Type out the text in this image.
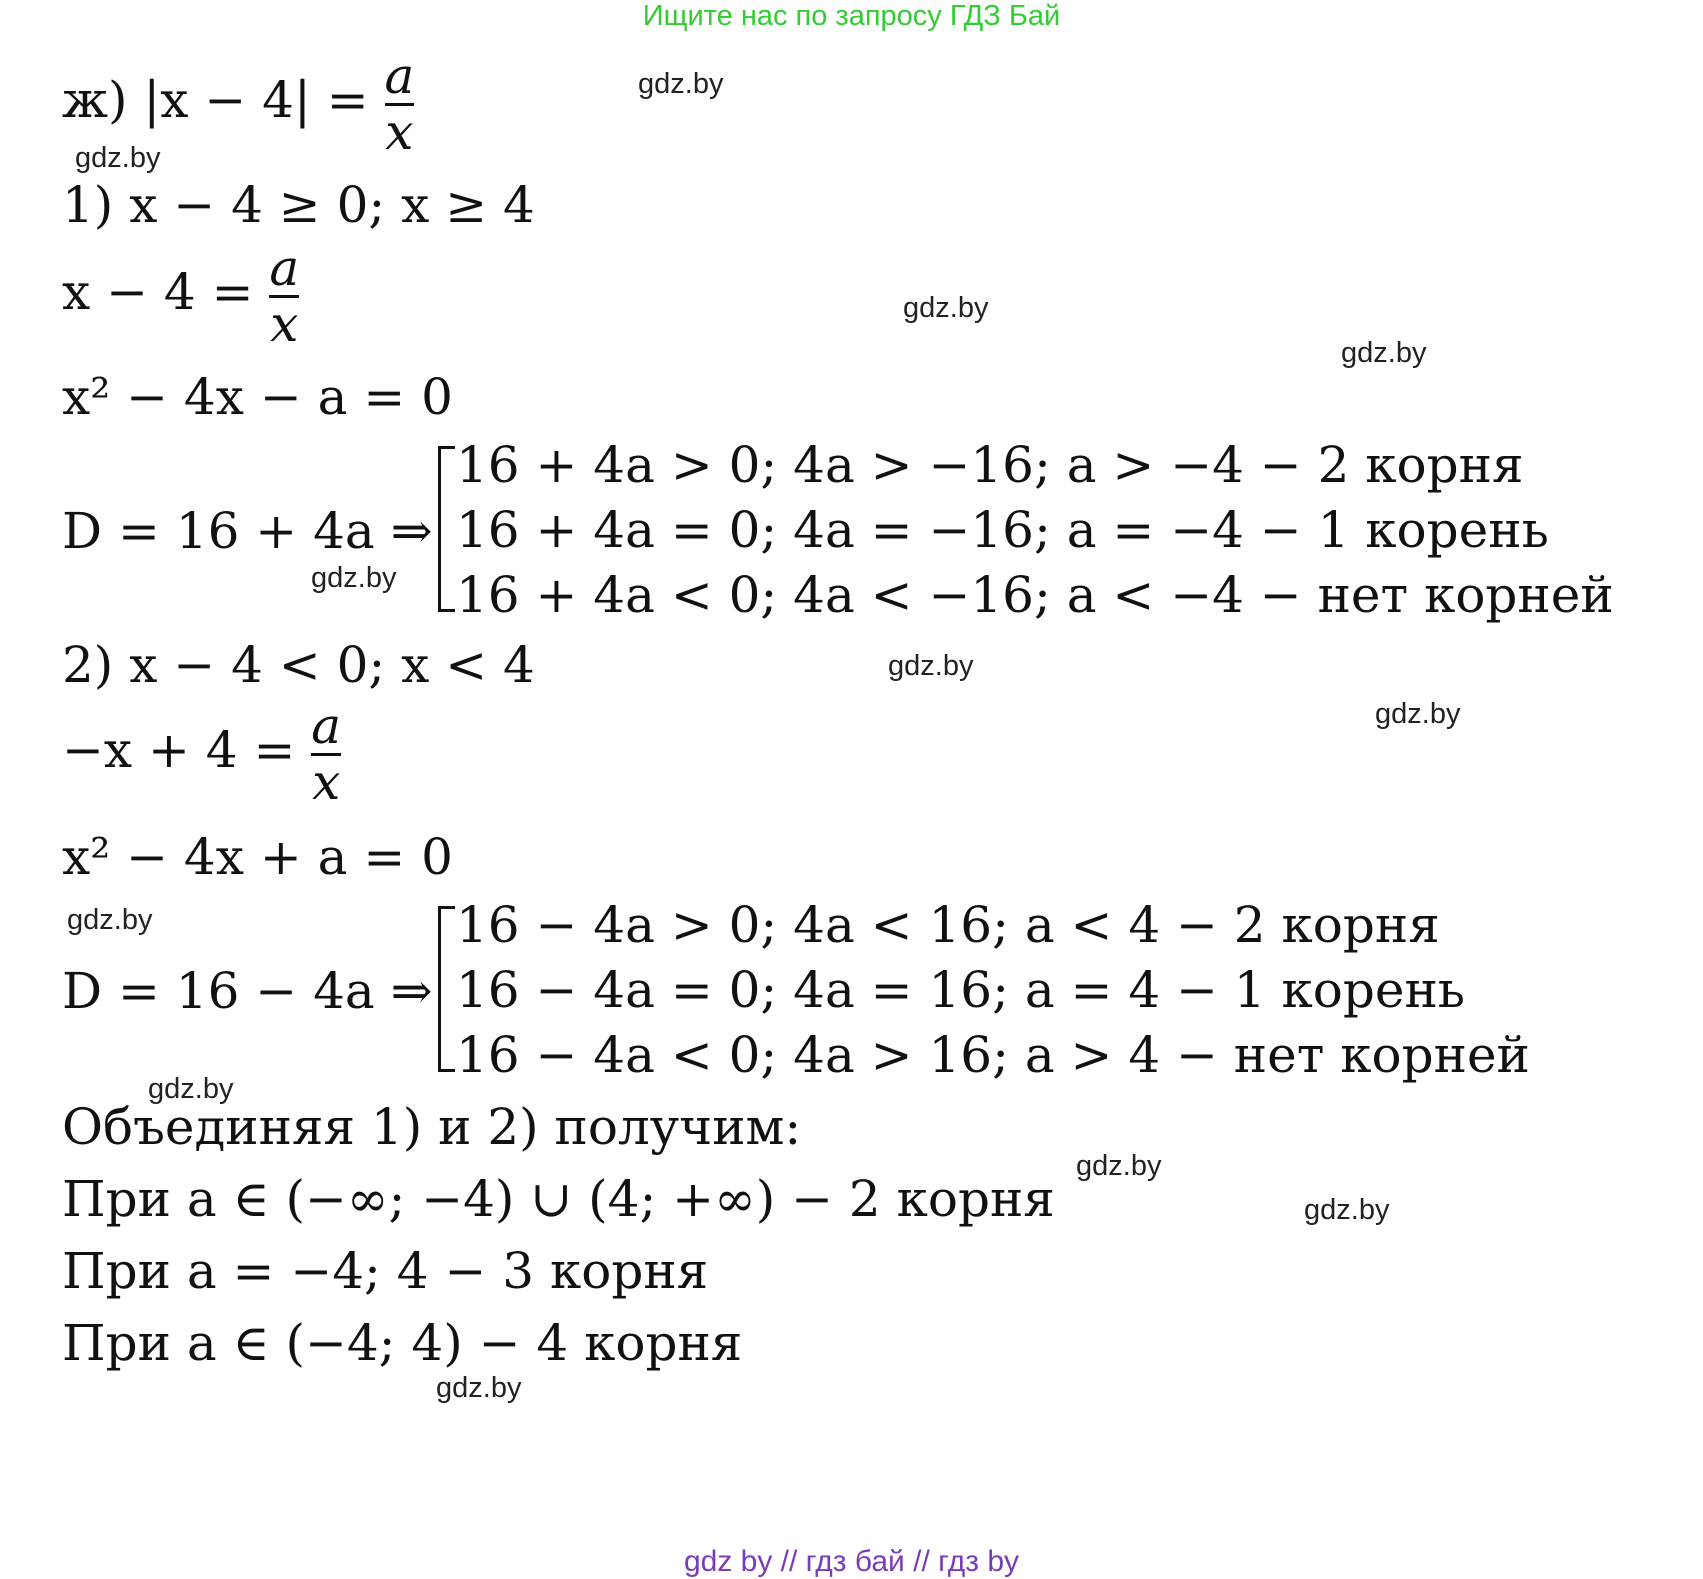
Ищите нас по запросу ГДЗ Бай
gdz.by
gdz.by
gdz.by
gdz.by
gdz.by
gdz.by
gdz.by
gdz.by
gdz.by
gdz.by
gdz.by
gdz.by
ж) $|x - 4| = \frac{a}{x}$
1) x − 4 ≥ 0; x ≥ 4
$x - 4 = \frac{a}{x}$
x² − 4x − a = 0
D = 16 + 4a ⇒
16 + 4a > 0; 4a > −16; a > −4 − 2 корня
16 + 4a = 0; 4a = −16; a = −4 − 1 корень
16 + 4a < 0; 4a < −16; a < −4 − нет корней
2) x − 4 < 0; x < 4
$-x + 4 = \frac{a}{x}$
x² − 4x + a = 0
D = 16 − 4a ⇒
16 − 4a > 0; 4a < 16; a < 4 − 2 корня
16 − 4a = 0; 4a = 16; a = 4 − 1 корень
16 − 4a < 0; 4a > 16; a > 4 − нет корней
Объединяя 1) и 2) получим:
При a ∈ (−∞; −4) ∪ (4; +∞) − 2 корня
При a = −4; 4 − 3 корня
При a ∈ (−4; 4) − 4 корня
gdz by // гдз бай // гдз by
